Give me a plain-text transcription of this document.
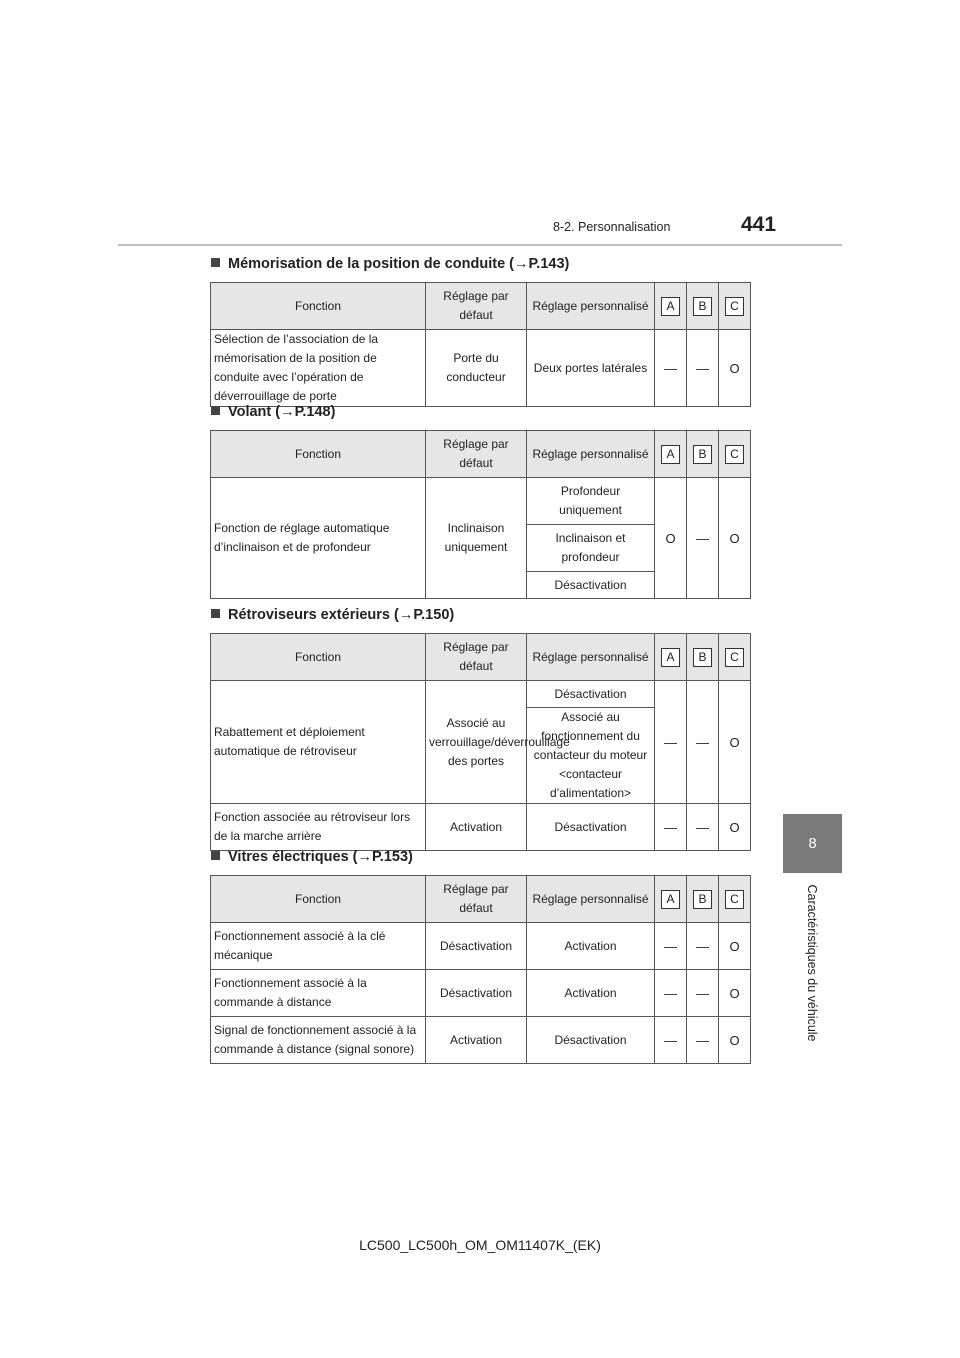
8-2. Personnalisation	441
8
Caractéristiques du véhicule
Mémorisation de la position de conduite (→P.143)
Fonction	Réglage par défaut	Réglage personnalisé	A	B	C
Sélection de l’association de la mémorisation de la position de conduite avec l’opération de déverrouillage de porte	Porte du conducteur	Deux portes latérales	—	—	O
Volant (→P.148)
Fonction	Réglage par défaut	Réglage personnalisé	A	B	C
Fonction de réglage automatique d’inclinaison et de profondeur	Inclinaison uniquement	Profondeur uniquement	O	—	O
		Inclinaison et profondeur			
		Désactivation			
Rétroviseurs extérieurs (→P.150)
Fonction	Réglage par défaut	Réglage personnalisé	A	B	C
Rabattement et déploiement automatique de rétroviseur	Associé au verrouillage/déverrouillage des portes	Désactivation	—	—	O
		Associé au fonctionnement du contacteur du moteur <contacteur d’alimentation>			
Fonction associée au rétroviseur lors de la marche arrière	Activation	Désactivation	—	—	O
Vitres électriques (→P.153)
Fonction	Réglage par défaut	Réglage personnalisé	A	B	C
Fonctionnement associé à la clé mécanique	Désactivation	Activation	—	—	O
Fonctionnement associé à la commande à distance	Désactivation	Activation	—	—	O
Signal de fonctionnement associé à la commande à distance (signal sonore)	Activation	Désactivation	—	—	O
LC500_LC500h_OM_OM11407K_(EK)
